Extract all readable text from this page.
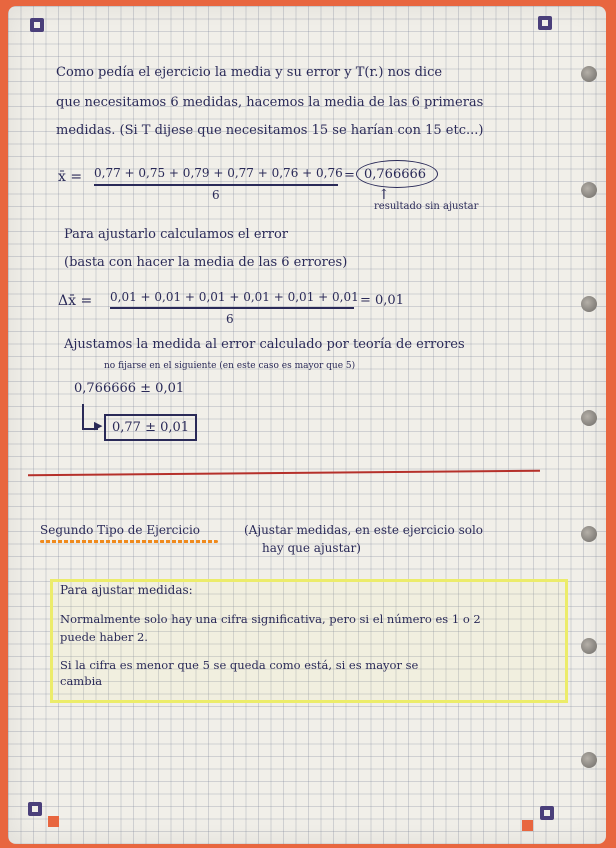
Como pedía el ejercicio la media y su error y T(r.) nos dice
que necesitamos 6 medidas, hacemos la media de las 6 primeras
medidas. (Si T dijese que necesitamos 15 se harían con 15 etc...)
x̄ = 0,77 + 0,75 + 0,79 + 0,77 + 0,76 + 0,76
6
= 0,766666
↑
resultado sin ajustar
Para ajustarlo calculamos el error
(basta con hacer la media de las 6 errores)
Δx̄ = 0,01 + 0,01 + 0,01 + 0,01 + 0,01 + 0,01
6
= 0,01
Ajustamos la medida al error calculado por teoría de errores
no fijarse en el siguiente (en este caso es mayor que 5)
0,766666 ± 0,01
▶ 0,77 ± 0,01
Segundo Tipo de Ejercicio	(Ajustar medidas, en este ejercicio solo
hay que ajustar)
Para ajustar medidas:
Normalmente solo hay una cifra significativa, pero si el número es 1 o 2
puede haber 2.
Si la cifra es menor que 5 se queda como está, si es mayor se
cambia
